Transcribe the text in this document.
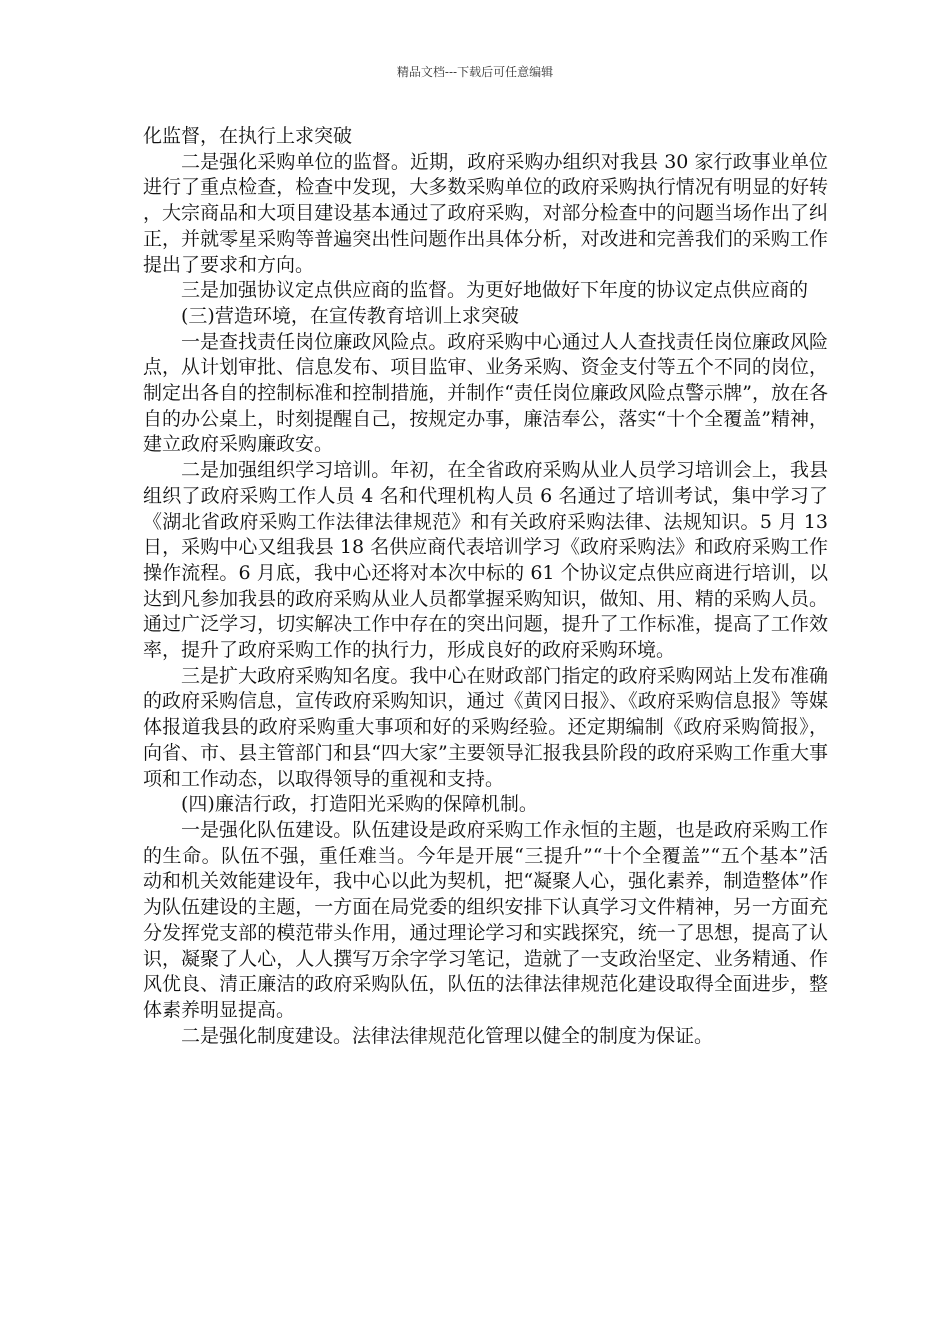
精品文档---下载后可任意编辑

化监督，在执行上求突破

二是强化采购单位的监督。近期，政府采购办组织对我县 30 家行政事业单位进行了重点检查，检查中发现，大多数采购单位的政府采购执行情况有明显的好转，大宗商品和大项目建设基本通过了政府采购，对部分检查中的问题当场作出了纠正，并就零星采购等普遍突出性问题作出具体分析，对改进和完善我们的采购工作提出了要求和方向。

三是加强协议定点供应商的监督。为更好地做好下年度的协议定点供应商的

(三)营造环境，在宣传教育培训上求突破

一是查找责任岗位廉政风险点。政府采购中心通过人人查找责任岗位廉政风险点，从计划审批、信息发布、项目监审、业务采购、资金支付等五个不同的岗位，制定出各自的控制标准和控制措施，并制作“责任岗位廉政风险点警示牌”，放在各自的办公桌上，时刻提醒自己，按规定办事，廉洁奉公，落实“十个全覆盖”精神，建立政府采购廉政安。

二是加强组织学习培训。年初，在全省政府采购从业人员学习培训会上，我县组织了政府采购工作人员 4 名和代理机构人员 6 名通过了培训考试，集中学习了《湖北省政府采购工作法律法律规范》和有关政府采购法律、法规知识。5 月 13 日，采购中心又组我县 18 名供应商代表培训学习《政府采购法》和政府采购工作操作流程。6 月底，我中心还将对本次中标的 61 个协议定点供应商进行培训，以达到凡参加我县的政府采购从业人员都掌握采购知识，做知、用、精的采购人员。通过广泛学习，切实解决工作中存在的突出问题，提升了工作标准，提高了工作效率，提升了政府采购工作的执行力，形成良好的政府采购环境。

三是扩大政府采购知名度。我中心在财政部门指定的政府采购网站上发布准确的政府采购信息，宣传政府采购知识，通过《黄冈日报》、《政府采购信息报》等媒体报道我县的政府采购重大事项和好的采购经验。还定期编制《政府采购简报》，向省、市、县主管部门和县“四大家”主要领导汇报我县阶段的政府采购工作重大事项和工作动态，以取得领导的重视和支持。

(四)廉洁行政，打造阳光采购的保障机制。

一是强化队伍建设。队伍建设是政府采购工作永恒的主题，也是政府采购工作的生命。队伍不强，重任难当。今年是开展“三提升”“十个全覆盖”“五个基本”活动和机关效能建设年，我中心以此为契机，把“凝聚人心，强化素养，制造整体”作为队伍建设的主题，一方面在局党委的组织安排下认真学习文件精神，另一方面充分发挥党支部的模范带头作用，通过理论学习和实践探究，统一了思想，提高了认识，凝聚了人心，人人撰写万余字学习笔记，造就了一支政治坚定、业务精通、作风优良、清正廉洁的政府采购队伍，队伍的法律法律规范化建设取得全面进步，整体素养明显提高。

二是强化制度建设。法律法律规范化管理以健全的制度为保证。
